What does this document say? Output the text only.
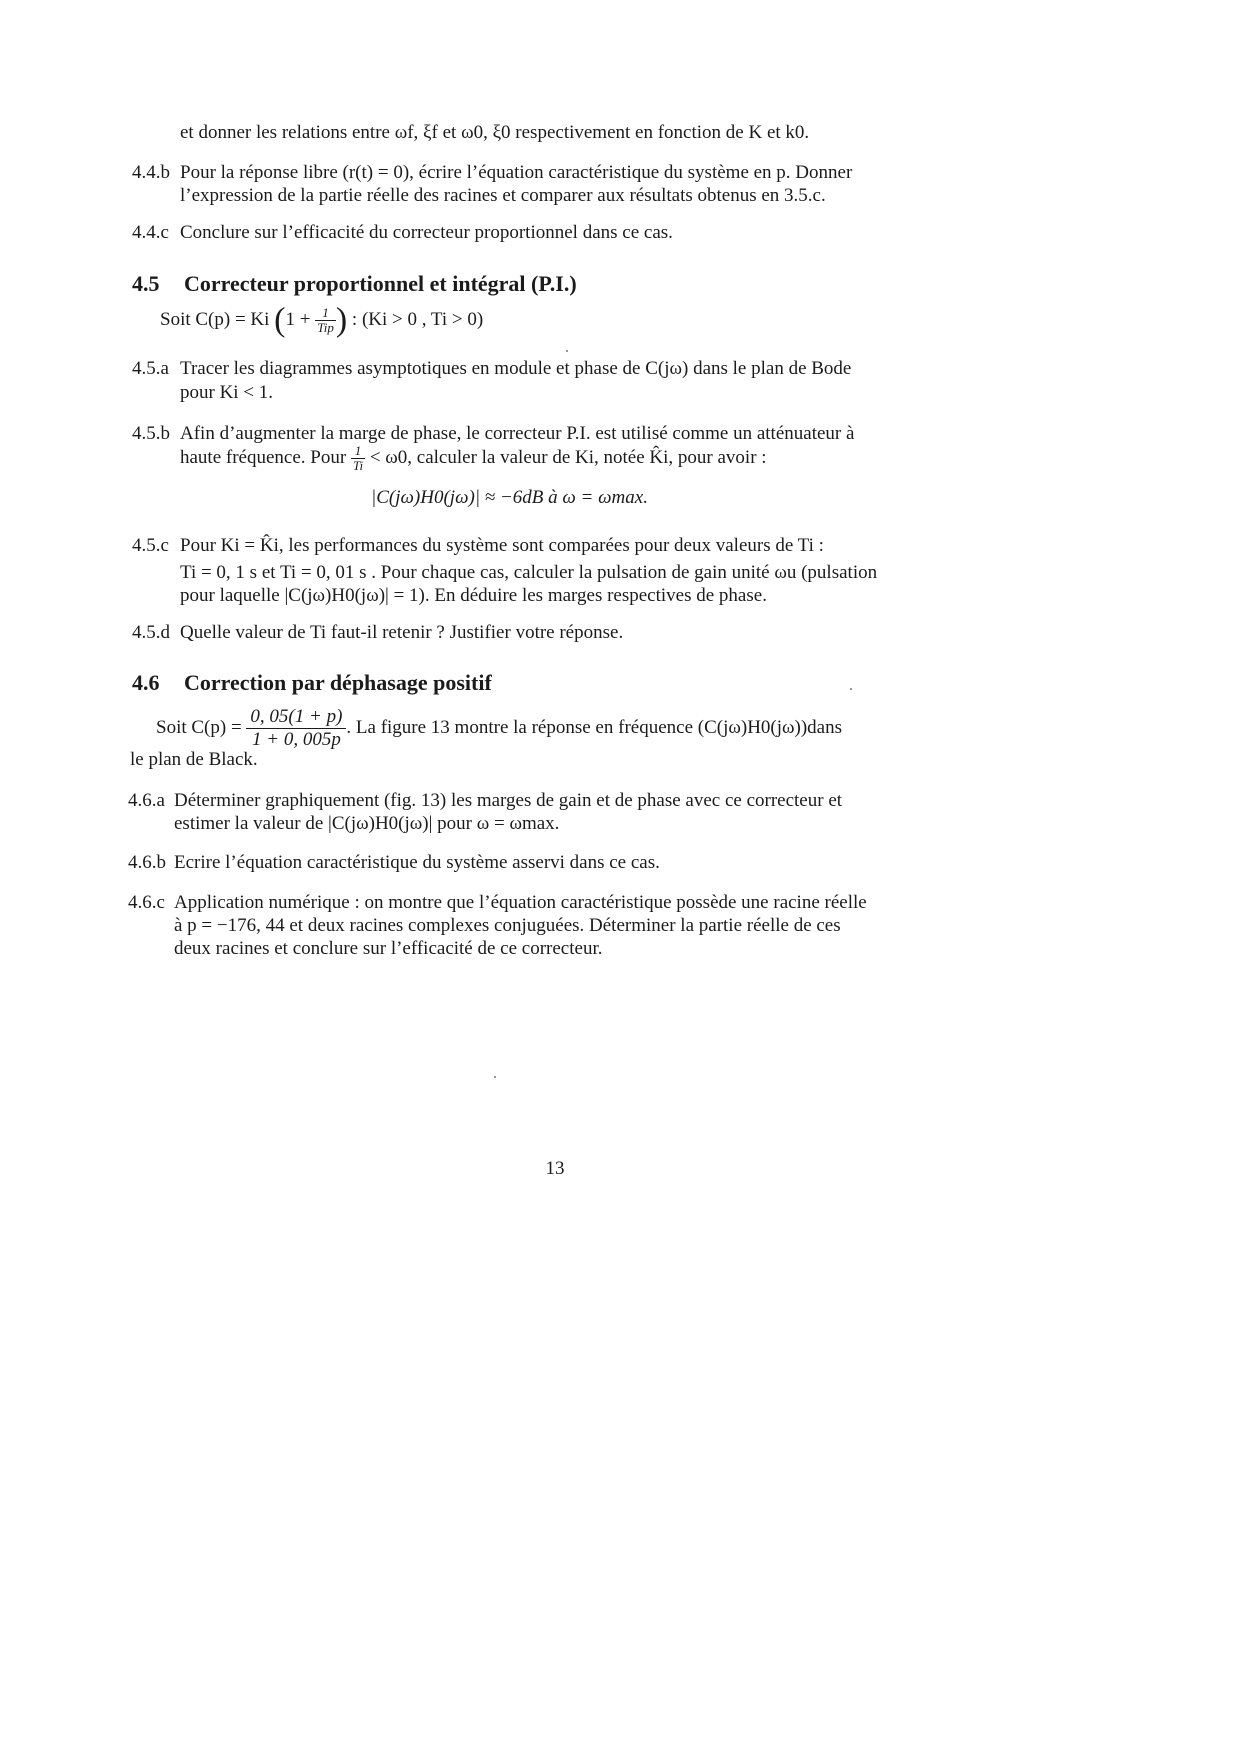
et donner les relations entre ωf, ξf et ω0, ξ0 respectivement en fonction de K et k0.
4.4.b Pour la réponse libre (r(t) = 0), écrire l’équation caractéristique du système en p. Donner
l’expression de la partie réelle des racines et comparer aux résultats obtenus en 3.5.c.
4.4.c Conclure sur l’efficacité du correcteur proportionnel dans ce cas.
4.5 Correcteur proportionnel et intégral (P.I.)
Soit C(p) = Ki ($1 + \frac{1}{\text{Tip}}$ ) : (Ki > 0 , Ti > 0)
4.5.a Tracer les diagrammes asymptotiques en module et phase de C(jω) dans le plan de Bode
pour Ki < 1.
4.5.b Afin d’augmenter la marge de phase, le correcteur P.I. est utilisé comme un atténuateur à
haute fréquence. Pour $\frac{1}{Ti} < \omega 0$, calculer la valeur de Ki, notée K̂i, pour avoir :
|C(jω)H0(jω)| ≈ −6dB à ω = ωmax.
4.5.c Pour Ki = K̂i, les performances du système sont comparées pour deux valeurs de Ti :
Ti = 0, 1 s et Ti = 0, 01 s . Pour chaque cas, calculer la pulsation de gain unité ωu (pulsation
pour laquelle |C(jω)H0(jω)| = 1). En déduire les marges respectives de phase.
4.5.d Quelle valeur de Ti faut-il retenir ? Justifier votre réponse.
4.6 Correction par déphasage positif
Soit $C(p) = \frac{0, 05(1 + p)}{1 + 0, 005p}$ . La figure 13 montre la réponse en fréquence (C(jω)H0(jω))dans
le plan de Black.
4.6.a Déterminer graphiquement (fig. 13) les marges de gain et de phase avec ce correcteur et
estimer la valeur de |C(jω)H0(jω)| pour ω = ωmax.
4.6.b Ecrire l’équation caractéristique du système asservi dans ce cas.
4.6.c Application numérique : on montre que l’équation caractéristique possède une racine réelle
à p = −176, 44 et deux racines complexes conjuguées. Déterminer la partie réelle de ces
deux racines et conclure sur l’efficacité de ce correcteur.
13
